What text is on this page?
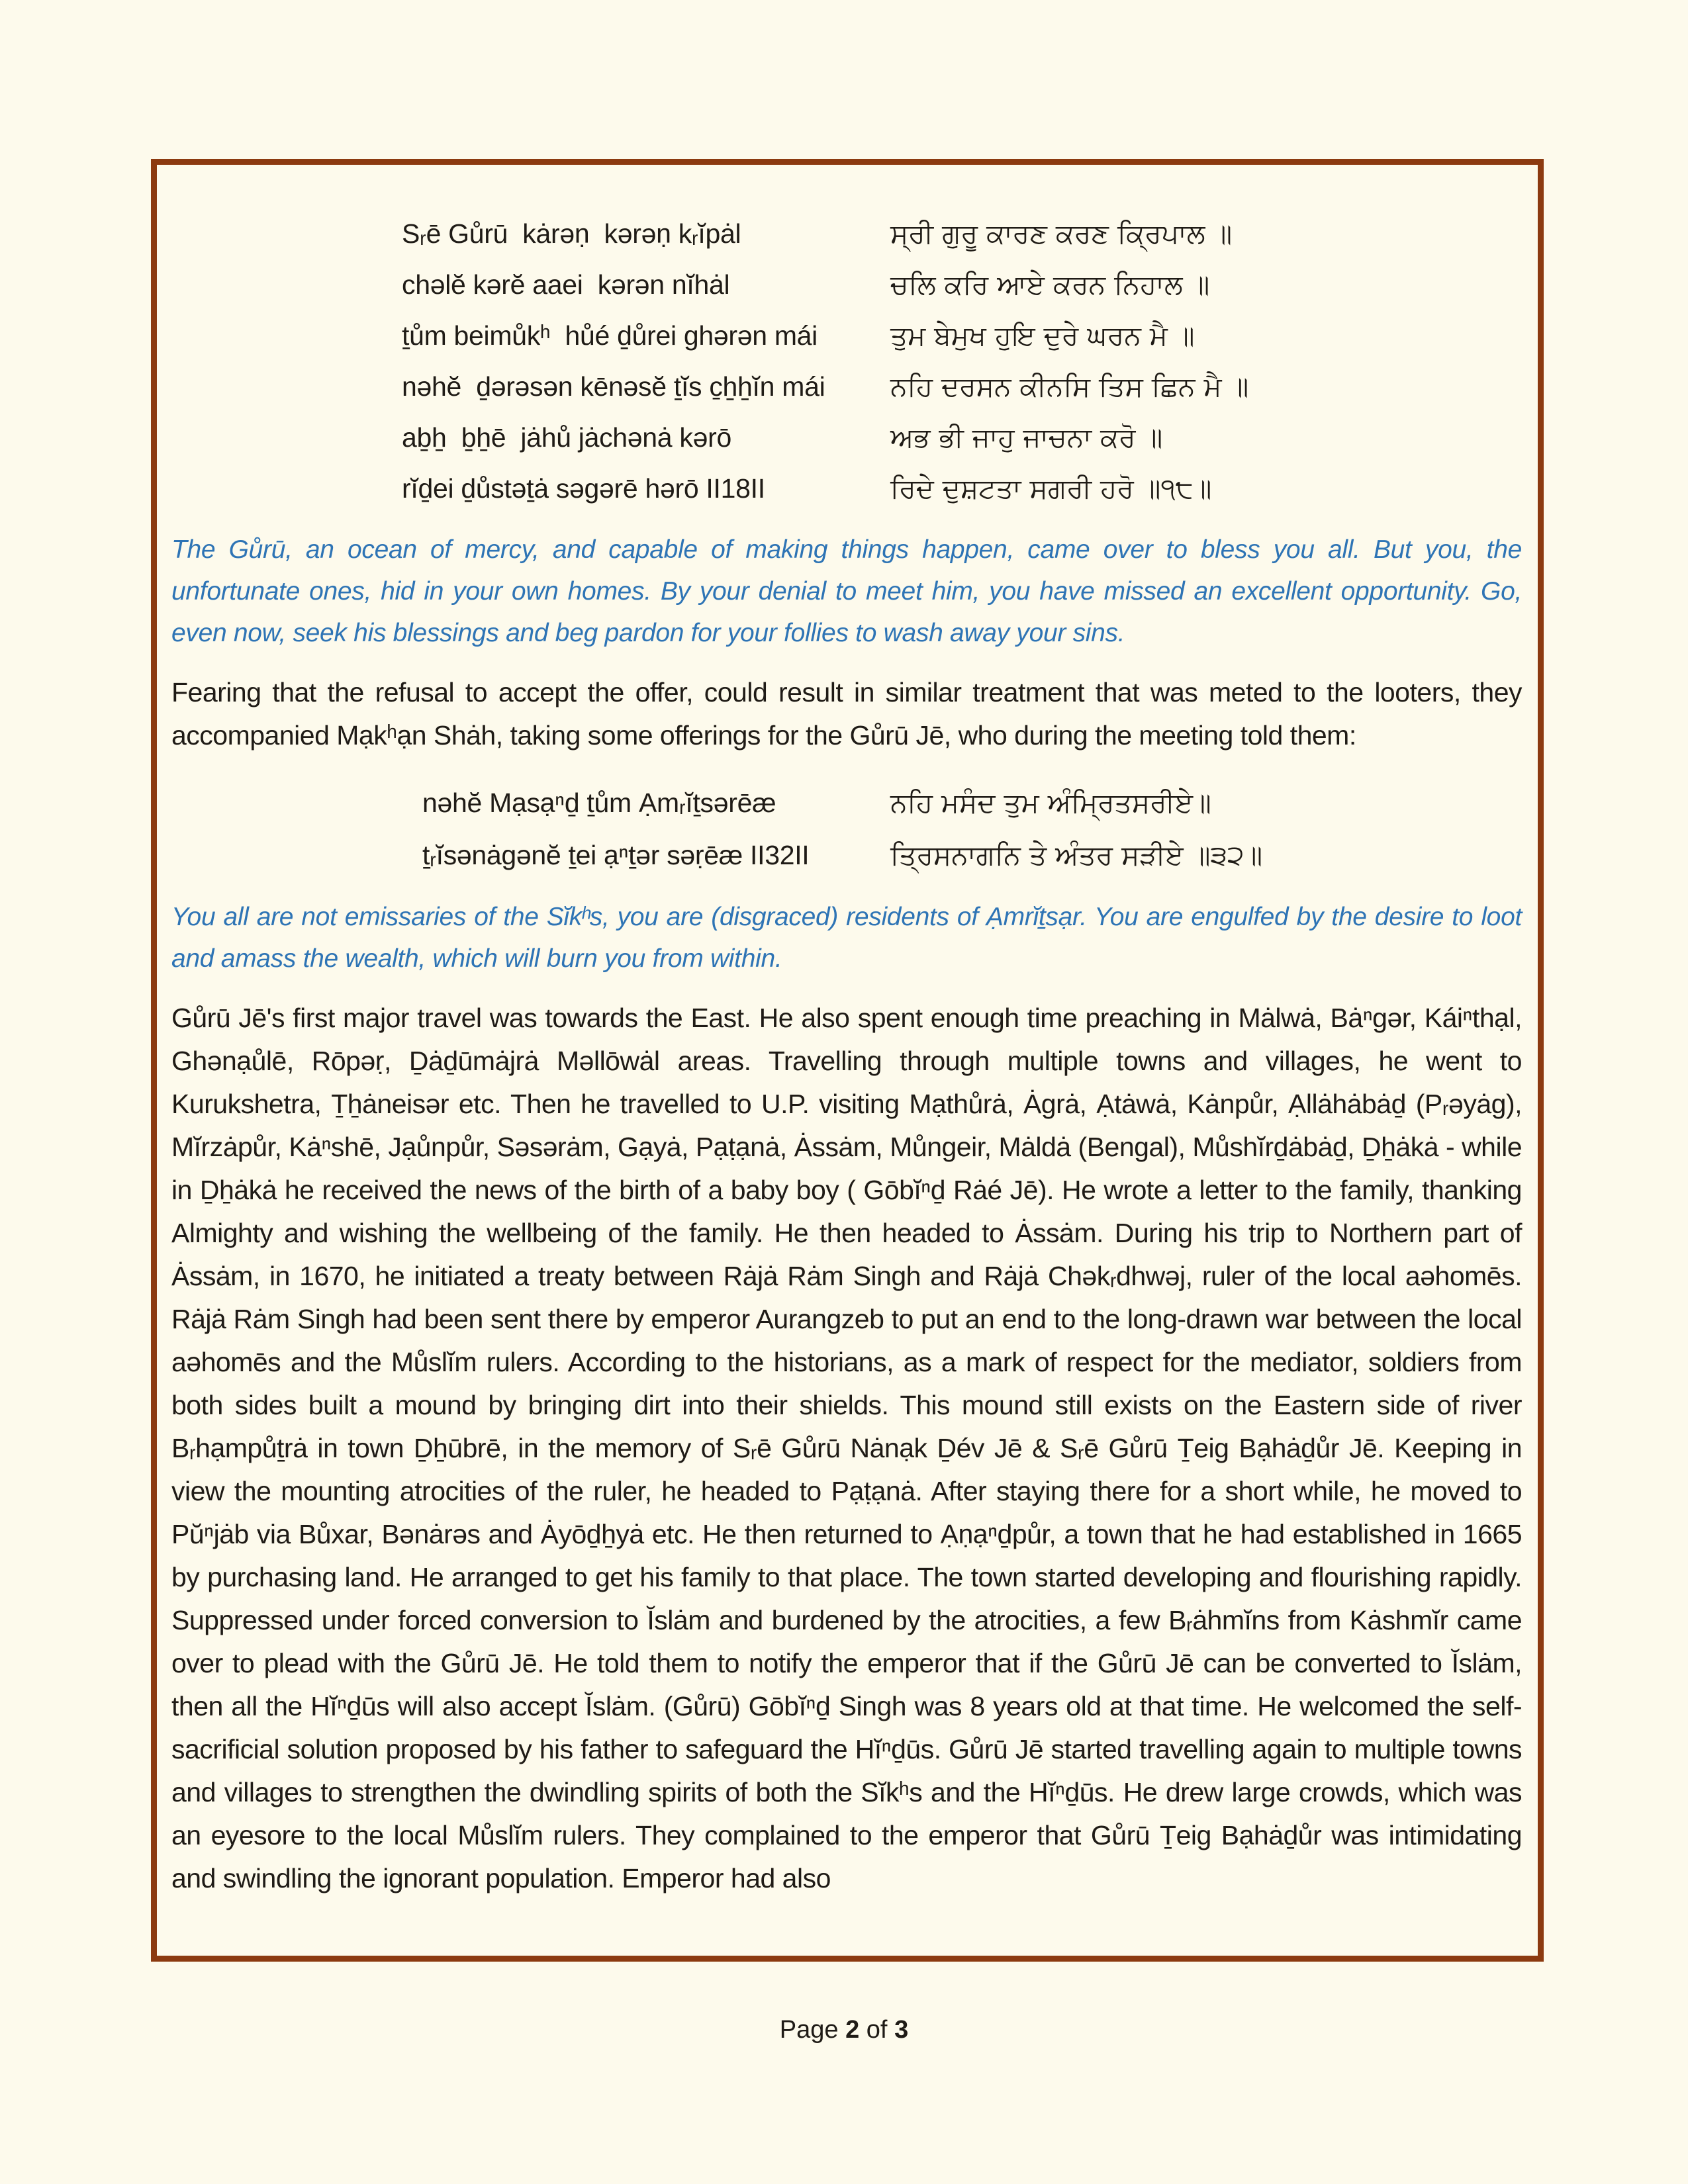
Sᵣē Gůrū  kȧrəṇ  kərəṇ kᵣĭpȧl	ਸ੍ਰੀ ਗੁਰੂ ਕਾਰਣ ਕਰਣ ਕ੍ਰਿਪਾਲ ॥
chəlĕ kərĕ aaei  kərən nĭhȧl	ਚਲਿ ਕਰਿ ਆਏ ਕਰਨ ਨਿਹਾਲ ॥
ṯům beimůkʰ  hůé ḏůrei ghərən mái	ਤੁਮ ਬੇਮੁਖ ਹੁਇ ਦੁਰੇ ਘਰਨ ਮੈ ॥
nəhĕ  ḏərəsən kēnəsĕ ṯĭs c̱ẖẖĭn mái ਨਹਿ ਦਰਸਨ ਕੀਨਸਿ ਤਿਸ ਛਿਨ ਮੈ ॥
aḇẖ  ḇẖē  jȧhů jȧchənȧ kərō	ਅਭ ਭੀ ਜਾਹੁ ਜਾਚਨਾ ਕਰੋ ॥
rĭḏei ḏůstəṯȧ səgərē hərō II18II	ਰਿਦੇ ਦੁਸ਼ਟਤਾ ਸਗਰੀ ਹਰੋ ॥੧੮॥

The Gůrū, an ocean of mercy, and capable of making things happen, came over to bless you all. But you, the unfortunate ones, hid in your own homes. By your denial to meet him, you have missed an excellent opportunity. Go, even now, seek his blessings and beg pardon for your follies to wash away your sins.

Fearing that the refusal to accept the offer, could result in similar treatment that was meted to the looters, they accompanied Mạkʰạn Shȧh, taking some offerings for the Gůrū Jē, who during the meeting told them:

nəhĕ Mạsạⁿḏ ṯům Ạmᵣĭṯsərēæ	ਨਹਿ ਮਸੰਦ ਤੁਮ ਅੰਮ੍ਰਿਤਸਰੀਏ॥
ṯᵣĭsənȧgənĕ ṯei ạⁿṯər səṛēæ II32II	ਤ੍ਰਿਸਨਾਗਨਿ ਤੇ ਅੰਤਰ ਸੜੀਏ ॥੩੨॥

You all are not emissaries of the Sĭkʰs, you are (disgraced) residents of Ạmrĭṯsạr. You are engulfed by the desire to loot and amass the wealth, which will burn you from within.

Gůrū Jē's first major travel was towards the East. He also spent enough time preaching in Mȧlwȧ, Bȧⁿgər, Káiⁿthạl, Ghənạůlē, Rōpəṛ, Ḏȧḏūmȧjrȧ Məllōwȧl areas. Travelling through multiple towns and villages, he went to Kurukshetra, Ṯẖȧneisər etc. Then he travelled to U.P. visiting Mạthůrȧ, Ȧgrȧ, Ạtȧwȧ, Kȧnpůr, Ạllȧhȧbȧḏ (Pᵣəyȧg), Mĭrzȧpůr, Kȧⁿshē, Jạůnpůr, Səsərȧm, Gạyȧ, Pạṭạnȧ, Ȧssȧm, Můngeir, Mȧldȧ (Bengal), Můshĭrḏȧbȧḏ, Ḏẖȧkȧ - while in Ḏẖȧkȧ he received the news of the birth of a baby boy ( Gōbĭⁿḏ Rȧé Jē). He wrote a letter to the family, thanking Almighty and wishing the wellbeing of the family. He then headed to Ȧssȧm. During his trip to Northern part of Ȧssȧm, in 1670, he initiated a treaty between Rȧjȧ Rȧm Singh and Rȧjȧ Chəkᵣdhwəj, ruler of the local aəhomēs. Rȧjȧ Rȧm Singh had been sent there by emperor Aurangzeb to put an end to the long-drawn war between the local aəhomēs and the Můslĭm rulers. According to the historians, as a mark of respect for the mediator, soldiers from both sides built a mound by bringing dirt into their shields. This mound still exists on the Eastern side of river Bᵣhạmpůṯrȧ in town Ḏẖūbrē, in the memory of Sᵣē Gůrū Nȧnạk Ḏév Jē & Sᵣē Gůrū Ṯeig Bạhȧḏůr Jē. Keeping in view the mounting atrocities of the ruler, he headed to Pạṭạnȧ. After staying there for a short while, he moved to Pŭⁿjȧb via Bůxar, Bənȧrəs and Ȧyōḏẖyȧ etc. He then returned to Ạṇạⁿḏpůr, a town that he had established in 1665 by purchasing land. He arranged to get his family to that place. The town started developing and flourishing rapidly. Suppressed under forced conversion to Ĭslȧm and burdened by the atrocities, a few Bᵣȧhmĭns from Kȧshmĭr came over to plead with the Gůrū Jē. He told them to notify the emperor that if the Gůrū Jē can be converted to Ĭslȧm, then all the Hĭⁿḏūs will also accept Ĭslȧm. (Gůrū) Gōbĭⁿḏ Singh was 8 years old at that time. He welcomed the self-sacrificial solution proposed by his father to safeguard the Hĭⁿḏūs. Gůrū Jē started travelling again to multiple towns and villages to strengthen the dwindling spirits of both the Sĭkʰs and the Hĭⁿḏūs. He drew large crowds, which was an eyesore to the local Můslĭm rulers. They complained to the emperor that Gůrū Ṯeig Bạhȧḏůr was intimidating and swindling the ignorant population. Emperor had also

Page 2 of 3
